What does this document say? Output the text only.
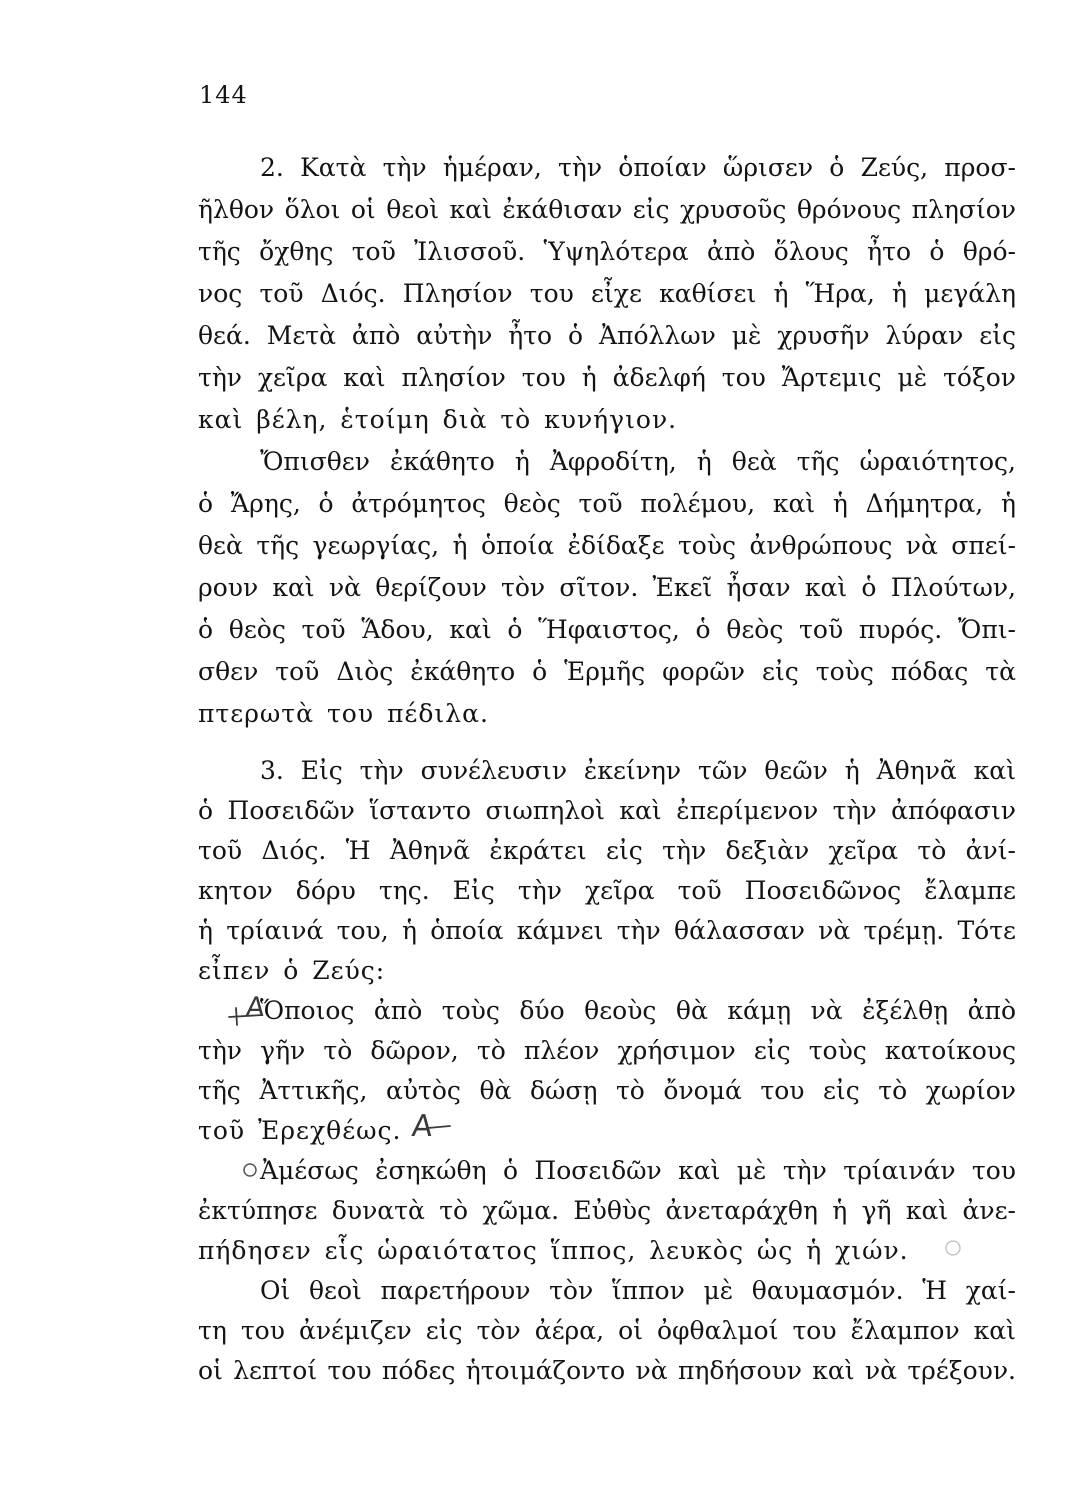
144
2. Κατὰ τὴν ἡμέραν, τὴν ὁποίαν ὥρισεν ὁ Ζεύς, προσ-
ῆλθον ὅλοι οἱ θεοὶ καὶ ἐκάθισαν εἰς χρυσοῦς θρόνους πλησίον
τῆς ὄχθης τοῦ Ἰλισσοῦ. Ὑψηλότερα ἀπὸ ὅλους ἦτο ὁ θρό-
νος τοῦ Διός. Πλησίον του εἶχε καθίσει ἡ Ἥρα, ἡ μεγάλη
θεά. Μετὰ ἀπὸ αὐτὴν ἦτο ὁ Ἀπόλλων μὲ χρυσῆν λύραν εἰς
τὴν χεῖρα καὶ πλησίον του ἡ ἀδελφή του Ἄρτεμις μὲ τόξον
καὶ βέλη, ἑτοίμη διὰ τὸ κυνήγιον.
Ὄπισθεν ἐκάθητο ἡ Ἀφροδίτη, ἡ θεὰ τῆς ὡραιότητος,
ὁ Ἄρης, ὁ ἀτρόμητος θεὸς τοῦ πολέμου, καὶ ἡ Δήμητρα, ἡ
θεὰ τῆς γεωργίας, ἡ ὁποία ἐδίδαξε τοὺς ἀνθρώπους νὰ σπεί-
ρουν καὶ νὰ θερίζουν τὸν σῖτον. Ἐκεῖ ἦσαν καὶ ὁ Πλούτων,
ὁ θεὸς τοῦ Ἅδου, καὶ ὁ Ἥφαιστος, ὁ θεὸς τοῦ πυρός. Ὄπι-
σθεν τοῦ Διὸς ἐκάθητο ὁ Ἑρμῆς φορῶν εἰς τοὺς πόδας τὰ
πτερωτὰ του πέδιλα.
3. Εἰς τὴν συνέλευσιν ἐκείνην τῶν θεῶν ἡ Ἀθηνᾶ καὶ
ὁ Ποσειδῶν ἵσταντο σιωπηλοὶ καὶ ἐπερίμενον τὴν ἀπόφασιν
τοῦ Διός. Ἡ Ἀθηνᾶ ἐκράτει εἰς τὴν δεξιὰν χεῖρα τὸ ἀνί-
κητον δόρυ της. Εἰς τὴν χεῖρα τοῦ Ποσειδῶνος ἔλαμπε
ἡ τρίαινά του, ἡ ὁποία κάμνει τὴν θάλασσαν νὰ τρέμῃ. Τότε
εἶπεν ὁ Ζεύς:
Ὅποιος ἀπὸ τοὺς δύο θεοὺς θὰ κάμῃ νὰ ἐξέλθῃ ἀπὸ
τὴν γῆν τὸ δῶρον, τὸ πλέον χρήσιμον εἰς τοὺς κατοίκους
τῆς Ἀττικῆς, αὐτὸς θὰ δώσῃ τὸ ὄνομά του εἰς τὸ χωρίον
τοῦ Ἐρεχθέως.
Ἀμέσως ἐσηκώθη ὁ Ποσειδῶν καὶ μὲ τὴν τρίαινάν του
ἐκτύπησε δυνατὰ τὸ χῶμα. Εὐθὺς ἀνεταράχθη ἡ γῆ καὶ ἀνε-
πήδησεν εἷς ὡραιότατος ἵππος, λευκὸς ὡς ἡ χιών.
Οἱ θεοὶ παρετήρουν τὸν ἵππον μὲ θαυμασμόν. Ἡ χαί-
τη του ἀνέμιζεν εἰς τὸν ἀέρα, οἱ ὀφθαλμοί του ἔλαμπον καὶ
οἱ λεπτοί του πόδες ἡτοιμάζοντο νὰ πηδήσουν καὶ νὰ τρέξουν.
A
A
